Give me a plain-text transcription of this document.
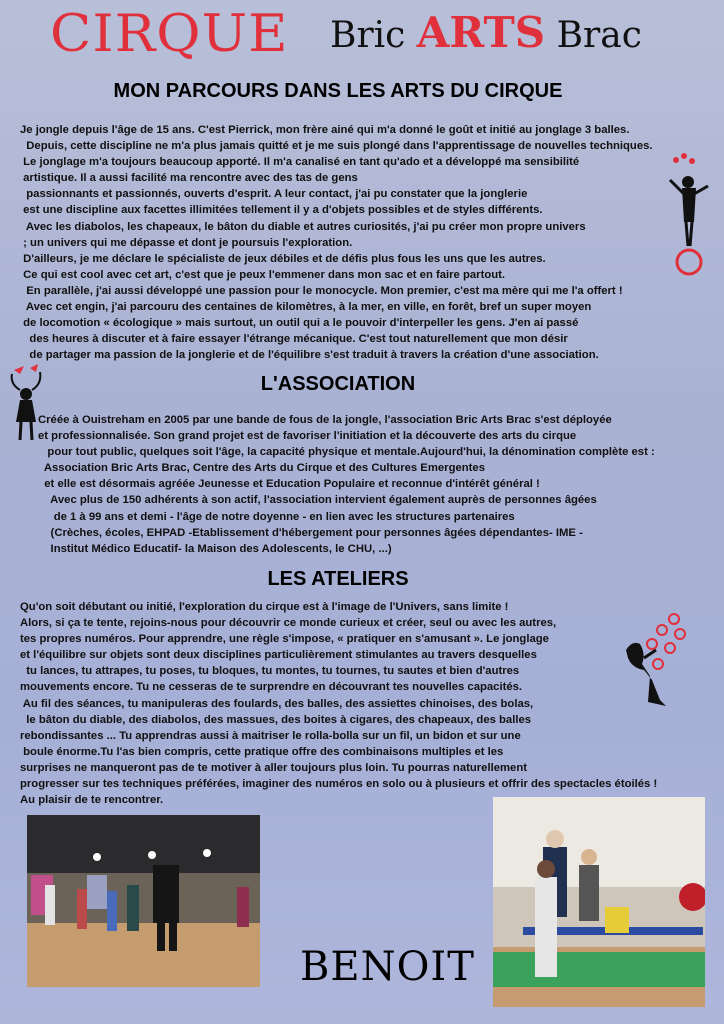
CIRQUE Bric ARTS Brac
MON PARCOURS DANS LES ARTS DU CIRQUE
Je jongle depuis l'âge de 15 ans. C'est Pierrick, mon frère ainé qui m'a donné le goût et initié au jonglage 3 balles.
Depuis, cette discipline ne m'a plus jamais quitté et je me suis plongé dans l'apprentissage de nouvelles techniques.
Le jonglage m'a toujours beaucoup apporté. Il m'a canalisé en tant qu'ado et a développé ma sensibilité
artistique. Il a aussi facilité ma rencontre avec des tas de gens
passionnants et passionnés, ouverts d'esprit. A leur contact, j'ai pu constater que la jonglerie
est une discipline aux facettes illimitées tellement il y a d'objets possibles et de styles différents.
Avec les diabolos, les chapeaux, le bâton du diable et autres curiosités, j'ai pu créer mon propre univers
; un univers qui me dépasse et dont je poursuis l'exploration.
D'ailleurs, je me déclare le spécialiste de jeux débiles et de défis plus fous les uns que les autres.
Ce qui est cool avec cet art, c'est que je peux l'emmener dans mon sac et en faire partout.
En parallèle, j'ai aussi développé une passion pour le monocycle. Mon premier, c'est ma mère qui me l'a offert !
Avec cet engin, j'ai parcouru des centaines de kilomètres, à la mer, en ville, en forêt, bref un super moyen
de locomotion « écologique » mais surtout, un outil qui a le pouvoir d'interpeller les gens. J'en ai passé
des heures à discuter et à faire essayer l'étrange mécanique. C'est tout naturellement que mon désir
de partager ma passion de la jonglerie et de l'équilibre s'est traduit à travers la création d'une association.
L'ASSOCIATION
Créée à Ouistreham en 2005 par une bande de fous de la jongle, l'association Bric Arts Brac s'est déployée
et professionnalisée. Son grand projet est de favoriser l'initiation et la découverte des arts du cirque
pour tout public, quelques soit l'âge, la capacité physique et mentale.Aujourd'hui, la dénomination complète est :
Association Bric Arts Brac, Centre des Arts du Cirque et des Cultures Emergentes
et elle est désormais agréée Jeunesse et Education Populaire et reconnue d'intérêt général !
Avec plus de 150 adhérents à son actif, l'association intervient également auprès de personnes âgées
de 1 à 99 ans et demi - l'âge de notre doyenne - en lien avec les structures partenaires
(Crèches, écoles, EHPAD -Etablissement d'hébergement pour personnes âgées dépendantes- IME -
Institut Médico Educatif- la Maison des Adolescents, le CHU, ...)
LES ATELIERS
Qu'on soit débutant ou initié, l'exploration du cirque est à l'image de l'Univers, sans limite !
Alors, si ça te tente, rejoins-nous pour découvrir ce monde curieux et créer, seul ou avec les autres,
tes propres numéros. Pour apprendre, une règle s'impose, « pratiquer en s'amusant ». Le jonglage
et l'équilibre sur objets sont deux disciplines particulièrement stimulantes au travers desquelles
tu lances, tu attrapes, tu poses, tu bloques, tu montes, tu tournes, tu sautes et bien d'autres
mouvements encore. Tu ne cesseras de te surprendre en découvrant tes nouvelles capacités.
Au fil des séances, tu manipuleras des foulards, des balles, des assiettes chinoises, des bolas,
le bâton du diable, des diabolos, des massues, des boites à cigares, des chapeaux, des balles
rebondissantes ... Tu apprendras aussi à maitriser le rolla-bolla sur un fil, un bidon et sur une
boule énorme.Tu l'as bien compris, cette pratique offre des combinaisons multiples et les
surprises ne manqueront pas de te motiver à aller toujours plus loin. Tu pourras naturellement
progresser sur tes techniques préférées, imaginer des numéros en solo ou à plusieurs et offrir des spectacles étoilés !
Au plaisir de te rencontrer.
BENOIT
